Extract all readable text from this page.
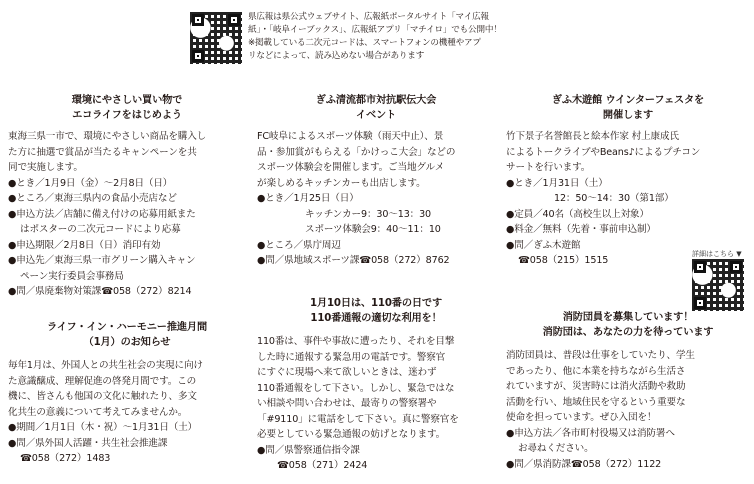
県広報は県公式ウェブサイト、広報紙ポータルサイト「マイ広報
紙」・「岐阜イーブックス」、広報紙アプリ「マチイロ」でも公開中！
※掲載している二次元コードは、スマートフォンの機種やアプ
リなどによって、読み込めない場合があります
環境にやさしい買い物で
エコライフをはじめよう
東海三県一市で、環境にやさしい商品を購入し
た方に抽選で賞品が当たるキャンペーンを共
同で実施します。
●とき／1月9日（金）～2月8日（日）
●ところ／東海三県内の食品小売店など
●申込方法／店舗に備え付けの応募用紙また
はポスターの二次元コードにより応募
●申込期限／2月8日（日）消印有効
●申込先／東海三県一市グリーン購入キャン
ペーン実行委員会事務局
●問／県廃棄物対策課☎058（272）8214
ライフ・イン・ハーモニー推進月間
（1月）のお知らせ
毎年1月は、外国人との共生社会の実現に向け
た意識醸成、理解促進の啓発月間です。この
機に、皆さんも他国の文化に触れたり、多文
化共生の意義について考えてみませんか。
●期間／1月1日（木・祝）～1月31日（土）
●問／県外国人活躍・共生社会推進課
☎058（272）1483
ぎふ清流都市対抗駅伝大会
イベント
FC岐阜によるスポーツ体験（雨天中止）、景
品・参加賞がもらえる「かけっこ大会」などの
スポーツ体験会を開催します。ご当地グルメ
が楽しめるキッチンカーも出店します。
●とき／1月25日（日）
キッチンカー9：30～13：30
スポーツ体験会9：40～11：10
●ところ／県庁周辺
●問／県地域スポーツ課☎058（272）8762
1月10日は、110番の日です
110番通報の適切な利用を！
110番は、事件や事故に遭ったり、それを目撃
した時に通報する緊急用の電話です。警察官
にすぐに現場へ来て欲しいときは、迷わず
110番通報をして下さい。しかし、緊急ではな
い相談や問い合わせは、最寄りの警察署や
「#9110」に電話をして下さい。真に警察官を
必要としている緊急通報の妨げとなります。
●問／県警察通信指令課
☎058（271）2424
ぎふ木遊館 ウインターフェスタを
開催します
竹下景子名誉館長と絵本作家 村上康成氏
によるトークライブやBeans♪によるプチコン
サートを行います。
●とき／1月31日（土）
12：50～14：30（第1部）
●定員／40名（高校生以上対象）
●料金／無料（先着・事前申込制）
●問／ぎふ木遊館
☎058（215）1515
詳細はこちら ▼
消防団員を募集しています！
消防団は、あなたの力を待っています
消防団員は、普段は仕事をしていたり、学生
であったり、他に本業を持ちながら生活さ
れていますが、災害時には消火活動や救助
活動を行い、地域住民を守るという重要な
使命を担っています。ぜひ入団を！
●申込方法／各市町村役場又は消防署へ
お尋ねください。
●問／県消防課☎058（272）1122
